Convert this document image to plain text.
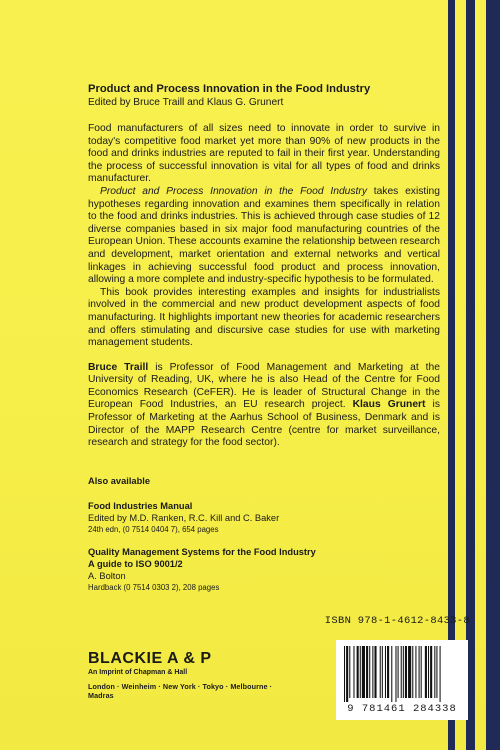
Product and Process Innovation in the Food Industry

Edited by Bruce Traill and Klaus G. Grunert

Food manufacturers of all sizes need to innovate in order to survive in today's competitive food market yet more than 90% of new products in the food and drinks industries are reputed to fail in their first year. Understanding the process of successful innovation is vital for all types of food and drinks manufacturer.

Product and Process Innovation in the Food Industry takes existing hypotheses regarding innovation and examines them specifically in relation to the food and drinks industries. This is achieved through case studies of 12 diverse companies based in six major food manufacturing countries of the European Union. These accounts examine the relationship between research and development, market orientation and external networks and vertical linkages in achieving successful food product and process innovation, allowing a more complete and industry-specific hypothesis to be formulated.

This book provides interesting examples and insights for industrialists involved in the commercial and new product development aspects of food manufacturing. It highlights important new theories for academic researchers and offers stimulating and discursive case studies for use with marketing management students.

Bruce Traill is Professor of Food Management and Marketing at the University of Reading, UK, where he is also Head of the Centre for Food Economics Research (CeFER). He is leader of Structural Change in the European Food Industries, an EU research project. Klaus Grunert is Professor of Marketing at the Aarhus School of Business, Denmark and is Director of the MAPP Research Centre (centre for market surveillance, research and strategy for the food sector).

Also available

Food Industries Manual

Edited by M.D. Ranken, R.C. Kill and C. Baker

24th edn, (0 7514 0404 7), 654 pages

Quality Management Systems for the Food Industry

A guide to ISO 9001/2

A. Bolton

Hardback (0 7514 0303 2), 208 pages

ISBN 978-1-4612-8433-8
BLACKIE A & P
An Imprint of Chapman & Hall
London · Weinheim · New York · Tokyo · Melbourne · Madras
9 781461 284338
